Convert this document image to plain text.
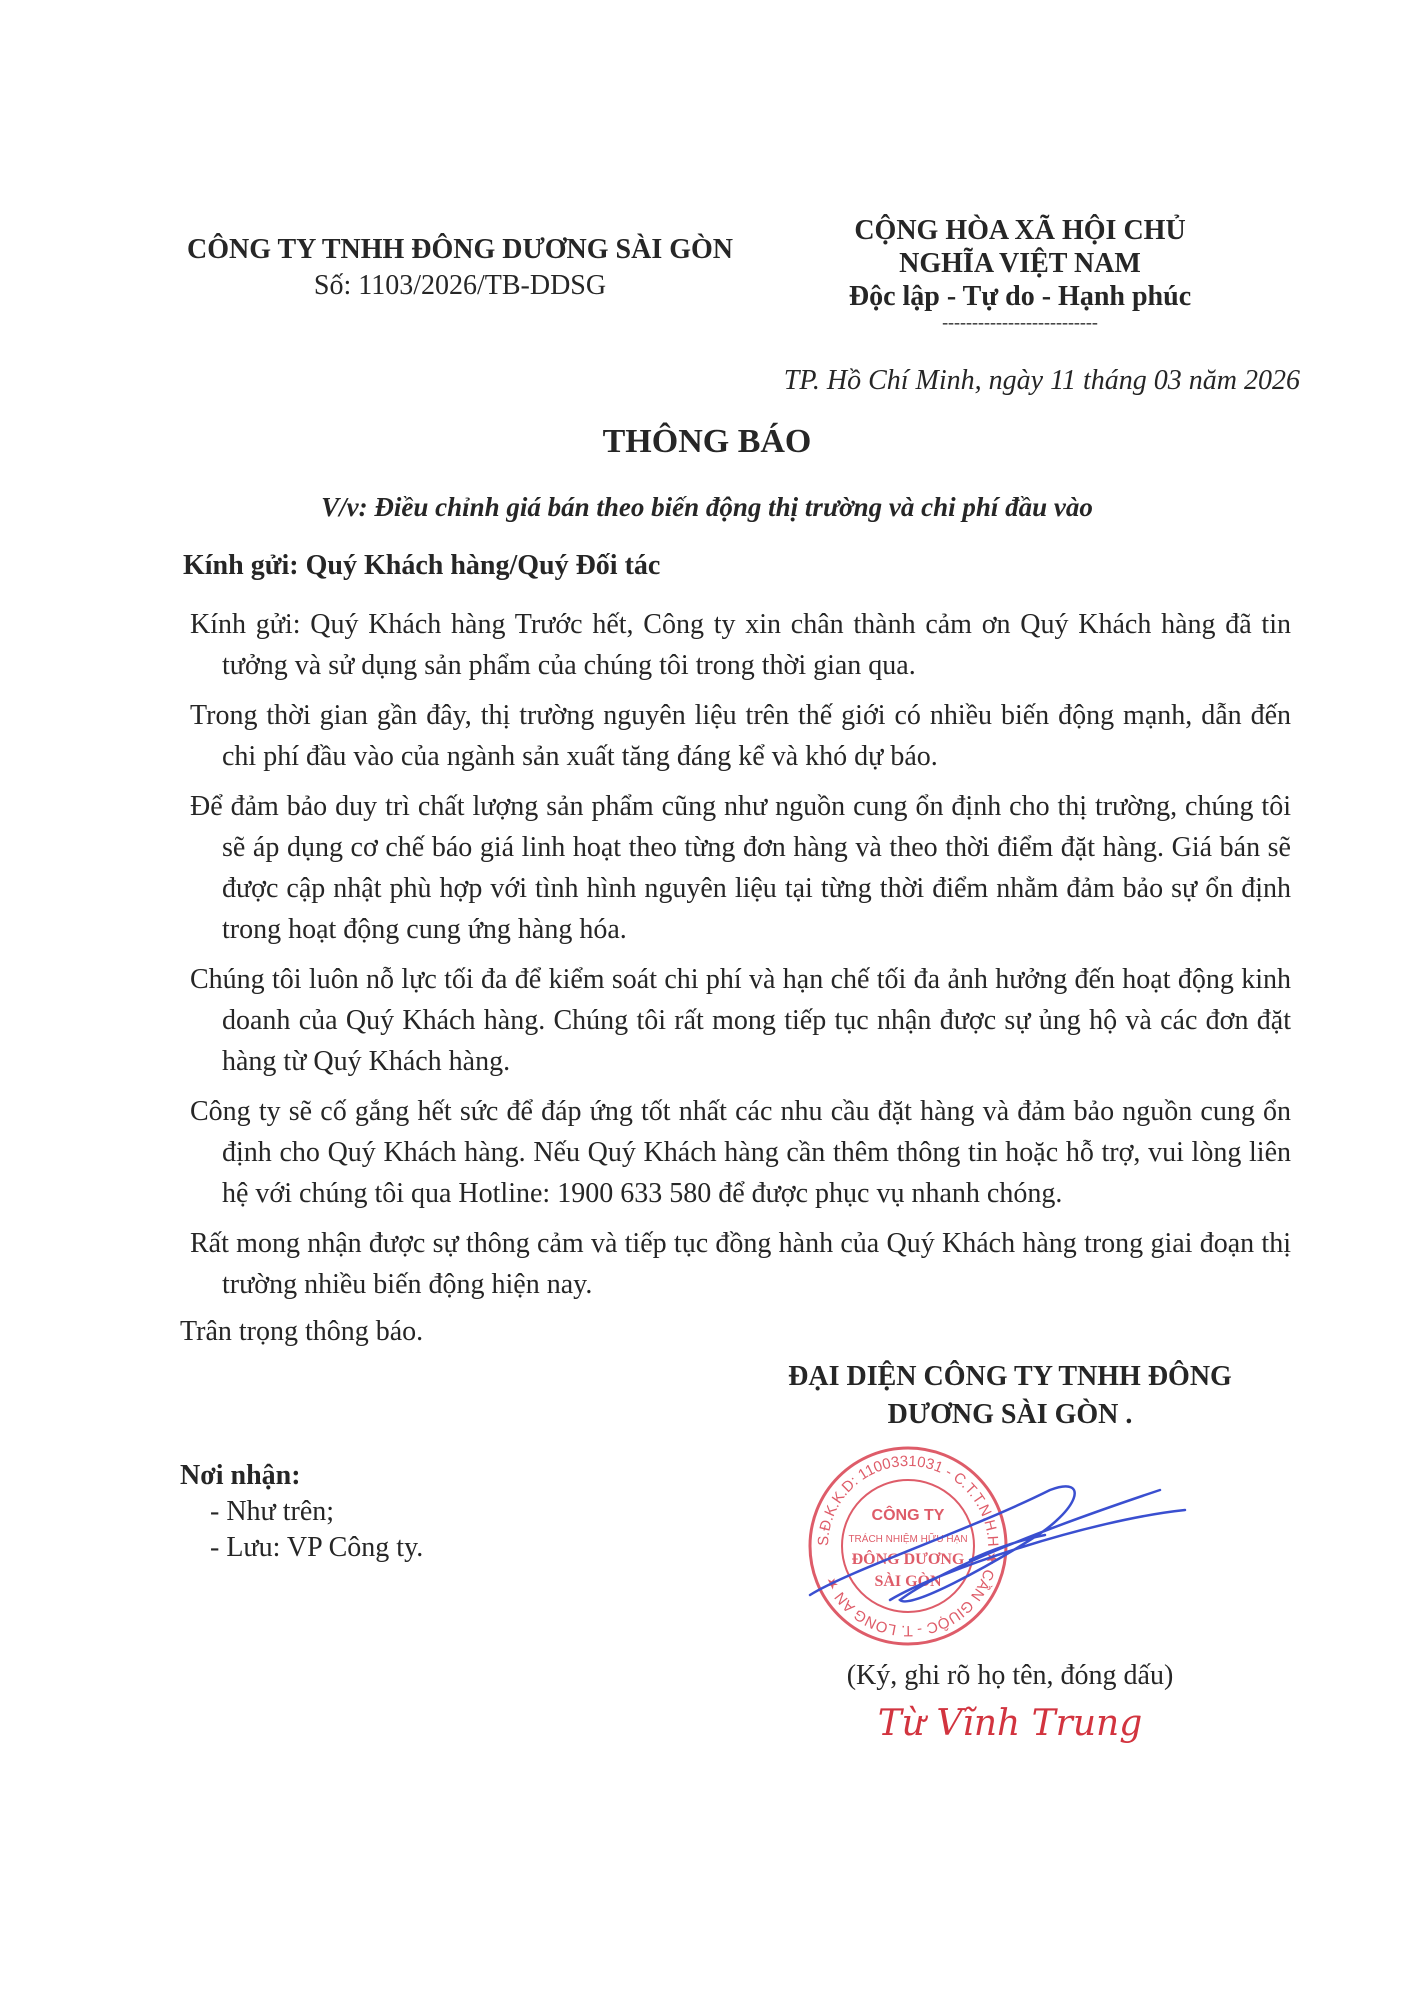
CÔNG TY TNHH ĐÔNG DƯƠNG SÀI GÒN
Số: 1103/2026/TB-DDSG
CỘNG HÒA XÃ HỘI CHỦ NGHĨA VIỆT NAM
Độc lập - Tự do - Hạnh phúc
--------------------------
TP. Hồ Chí Minh, ngày 11 tháng 03 năm 2026
THÔNG BÁO
V/v: Điều chỉnh giá bán theo biến động thị trường và chi phí đầu vào
Kính gửi: Quý Khách hàng/Quý Đối tác

Kính gửi: Quý Khách hàng Trước hết, Công ty xin chân thành cảm ơn Quý Khách hàng đã tin tưởng và sử dụng sản phẩm của chúng tôi trong thời gian qua.

Trong thời gian gần đây, thị trường nguyên liệu trên thế giới có nhiều biến động mạnh, dẫn đến chi phí đầu vào của ngành sản xuất tăng đáng kể và khó dự báo.

Để đảm bảo duy trì chất lượng sản phẩm cũng như nguồn cung ổn định cho thị trường, chúng tôi sẽ áp dụng cơ chế báo giá linh hoạt theo từng đơn hàng và theo thời điểm đặt hàng. Giá bán sẽ được cập nhật phù hợp với tình hình nguyên liệu tại từng thời điểm nhằm đảm bảo sự ổn định trong hoạt động cung ứng hàng hóa.

Chúng tôi luôn nỗ lực tối đa để kiểm soát chi phí và hạn chế tối đa ảnh hưởng đến hoạt động kinh doanh của Quý Khách hàng. Chúng tôi rất mong tiếp tục nhận được sự ủng hộ và các đơn đặt hàng từ Quý Khách hàng.

Công ty sẽ cố gắng hết sức để đáp ứng tốt nhất các nhu cầu đặt hàng và đảm bảo nguồn cung ổn định cho Quý Khách hàng. Nếu Quý Khách hàng cần thêm thông tin hoặc hỗ trợ, vui lòng liên hệ với chúng tôi qua Hotline: 1900 633 580 để được phục vụ nhanh chóng.

Rất mong nhận được sự thông cảm và tiếp tục đồng hành của Quý Khách hàng trong giai đoạn thị trường nhiều biến động hiện nay.

Trân trọng thông báo.
Nơi nhận:
- Như trên;
- Lưu: VP Công ty.
ĐẠI DIỆN CÔNG TY TNHH ĐÔNG DƯƠNG SÀI GÒN .
S.Đ.K.K.D: 1100331031 - C.T.T.N.H.H ★ CẦN GIUỘC - T. LONG AN ★
CÔNG TY
TRÁCH NHIỆM HỮU HẠN
ĐÔNG DƯƠNG
SÀI GÒN
(Ký, ghi rõ họ tên, đóng dấu)
Từ Vĩnh Trung
